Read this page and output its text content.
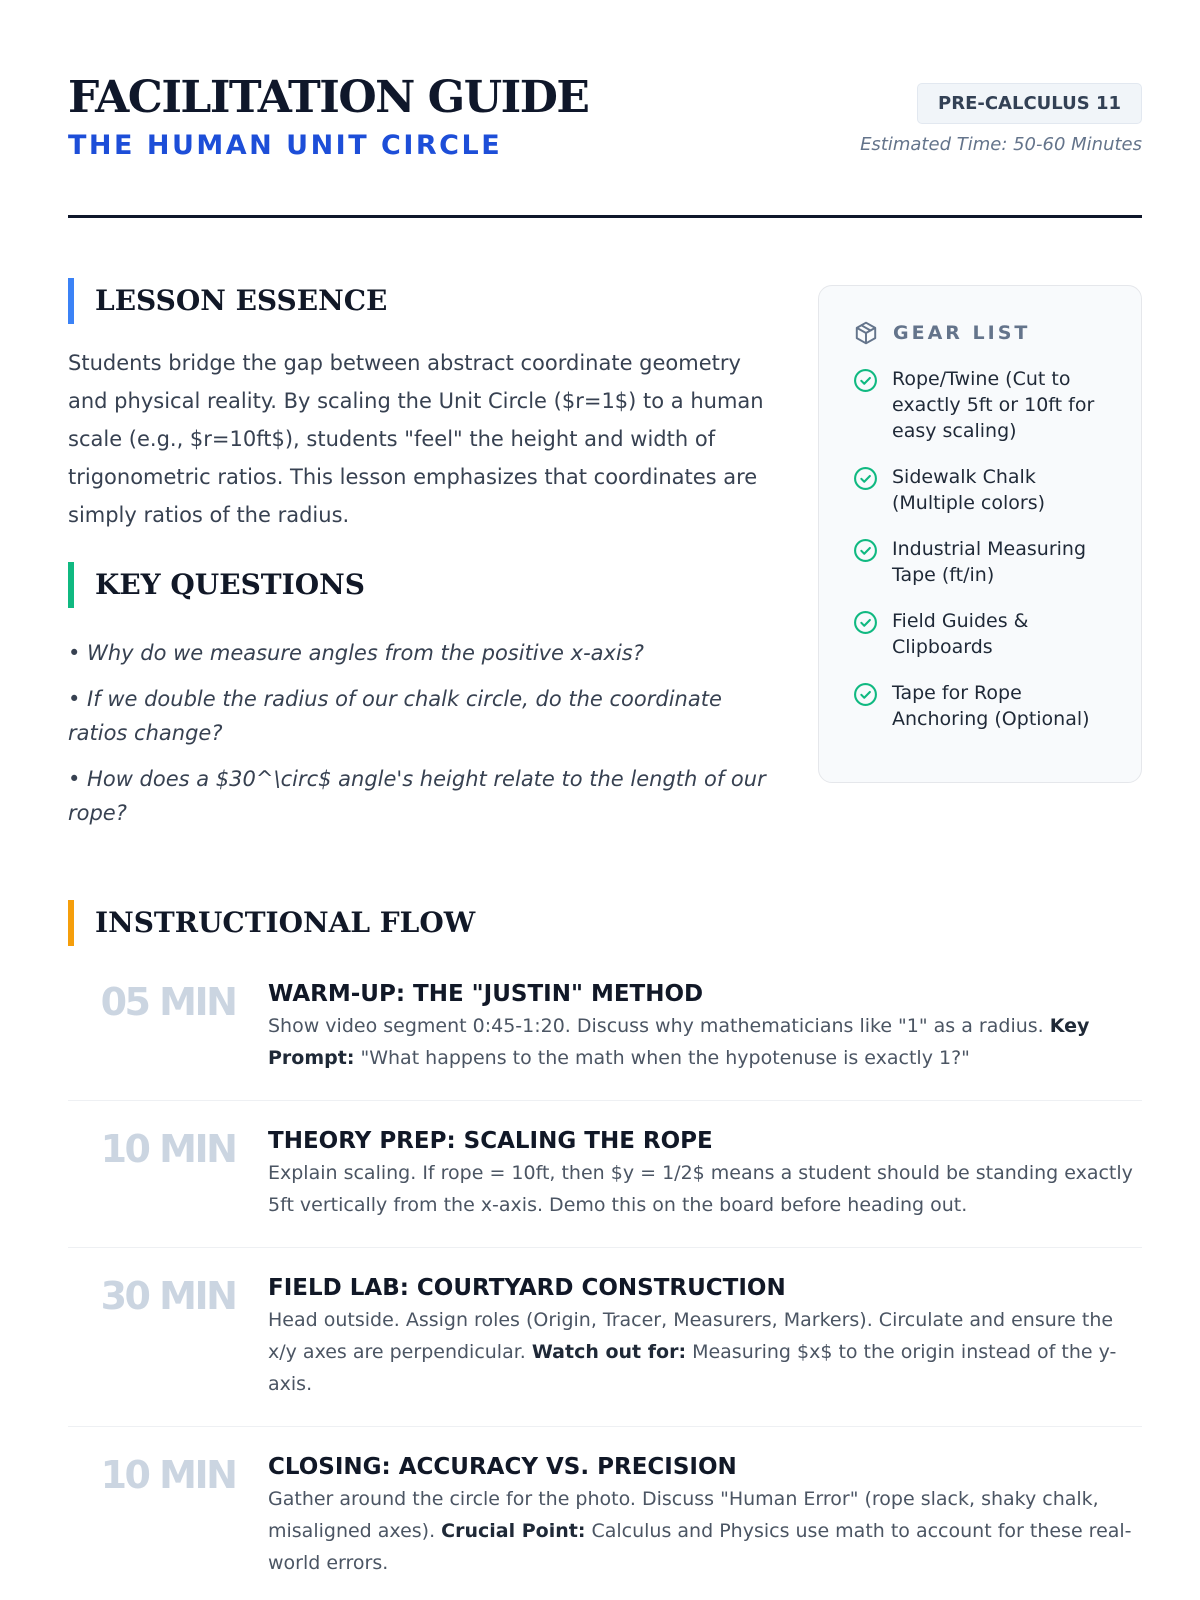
FACILITATION GUIDE
THE HUMAN UNIT CIRCLE
PRE-CALCULUS 11
Estimated Time: 50-60 Minutes
LESSON ESSENCE
Students bridge the gap between abstract coordinate geometry and physical reality. By scaling the Unit Circle ($r=1$) to a human scale (e.g., $r=10ft$), students "feel" the height and width of trigonometric ratios. This lesson emphasizes that coordinates are simply ratios of the radius.
KEY QUESTIONS

• Why do we measure angles from the positive x-axis?

• If we double the radius of our chalk circle, do the coordinate ratios change?

• How does a $30^\circ$ angle's height relate to the length of our rope?

GEAR LIST
Rope/Twine (Cut to exactly 5ft or 10ft for easy scaling)
Sidewalk Chalk (Multiple colors)
Industrial Measuring Tape (ft/in)
Field Guides & Clipboards
Tape for Rope Anchoring (Optional)
INSTRUCTIONAL FLOW
05 MIN	WARM-UP: THE "JUSTIN" METHOD
Show video segment 0:45-1:20. Discuss why mathematicians like "1" as a radius. Key Prompt: "What happens to the math when the hypotenuse is exactly 1?"
10 MIN	THEORY PREP: SCALING THE ROPE
Explain scaling. If rope = 10ft, then $y = 1/2$ means a student should be standing exactly 5ft vertically from the x-axis. Demo this on the board before heading out.
30 MIN	FIELD LAB: COURTYARD CONSTRUCTION
Head outside. Assign roles (Origin, Tracer, Measurers, Markers). Circulate and ensure the x/y axes are perpendicular. Watch out for: Measuring $x$ to the origin instead of the y-axis.
10 MIN	CLOSING: ACCURACY VS. PRECISION
Gather around the circle for the photo. Discuss "Human Error" (rope slack, shaky chalk, misaligned axes). Crucial Point: Calculus and Physics use math to account for these real-world errors.
